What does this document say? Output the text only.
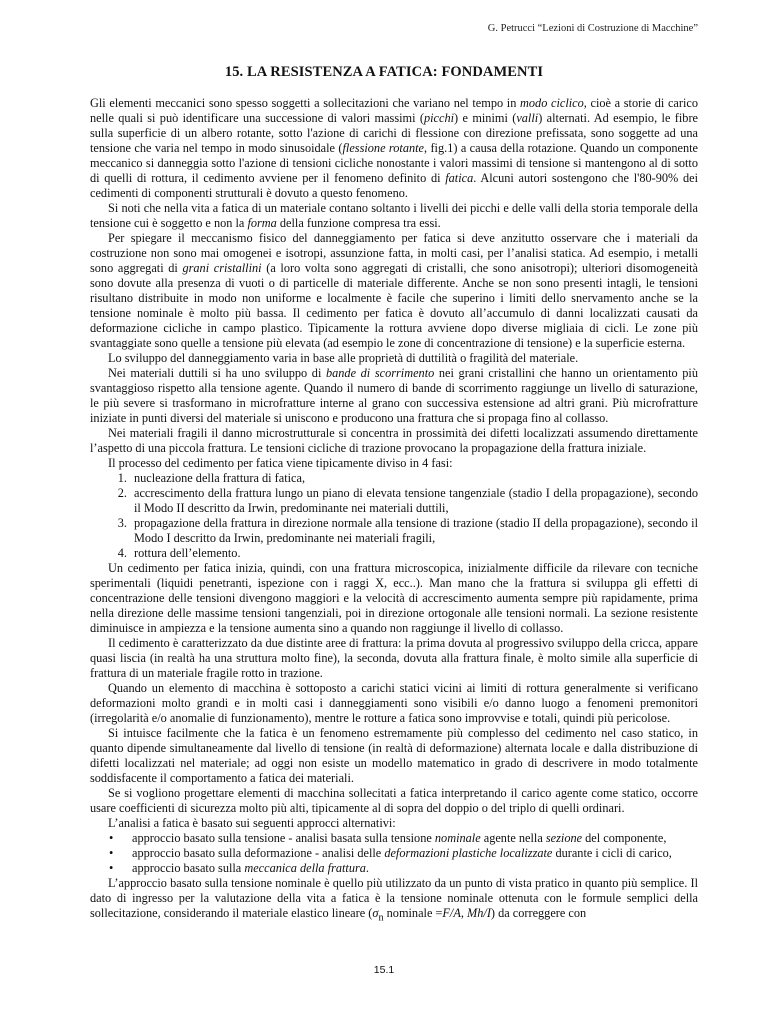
G. Petrucci “Lezioni di Costruzione di Macchine”
15. LA RESISTENZA A FATICA: FONDAMENTI

Gli elementi meccanici sono spesso soggetti a sollecitazioni che variano nel tempo in modo ciclico, cioè a storie di carico nelle quali si può identificare una successione di valori massimi (picchi) e minimi (valli) alternati. Ad esempio, le fibre sulla superficie di un albero rotante, sotto l'azione di carichi di flessione con direzione prefissata, sono soggette ad una tensione che varia nel tempo in modo sinusoidale (flessione rotante, fig.1) a causa della rotazione. Quando un componente meccanico si danneggia sotto l'azione di tensioni cicliche nonostante i valori massimi di tensione si mantengono al di sotto di quelli di rottura, il cedimento avviene per il fenomeno definito di fatica. Alcuni autori sostengono che l'80-90% dei cedimenti di componenti strutturali è dovuto a questo fenomeno.

Si noti che nella vita a fatica di un materiale contano soltanto i livelli dei picchi e delle valli della storia temporale della tensione cui è soggetto e non la forma della funzione compresa tra essi.

Per spiegare il meccanismo fisico del danneggiamento per fatica si deve anzitutto osservare che i materiali da costruzione non sono mai omogenei e isotropi, assunzione fatta, in molti casi, per l’analisi statica. Ad esempio, i metalli sono aggregati di grani cristallini (a loro volta sono aggregati di cristalli, che sono anisotropi); ulteriori disomogeneità sono dovute alla presenza di vuoti o di particelle di materiale differente. Anche se non sono presenti intagli, le tensioni risultano distribuite in modo non uniforme e localmente è facile che superino i limiti dello snervamento anche se la tensione nominale è molto più bassa. Il cedimento per fatica è dovuto all’accumulo di danni localizzati causati da deformazione cicliche in campo plastico. Tipicamente la rottura avviene dopo diverse migliaia di cicli. Le zone più svantaggiate sono quelle a tensione più elevata (ad esempio le zone di concentrazione di tensione) e la superficie esterna.

Lo sviluppo del danneggiamento varia in base alle proprietà di duttilità o fragilità del materiale.

Nei materiali duttili si ha uno sviluppo di bande di scorrimento nei grani cristallini che hanno un orientamento più svantaggioso rispetto alla tensione agente. Quando il numero di bande di scorrimento raggiunge un livello di saturazione, le più severe si trasformano in microfratture interne al grano con successiva estensione ad altri grani. Più microfratture iniziate in punti diversi del materiale si uniscono e producono una frattura che si propaga fino al collasso.

Nei materiali fragili il danno microstrutturale si concentra in prossimità dei difetti localizzati assumendo direttamente l’aspetto di una piccola frattura. Le tensioni cicliche di trazione provocano la propagazione della frattura iniziale.

Il processo del cedimento per fatica viene tipicamente diviso in 4 fasi:

1. nucleazione della frattura di fatica,
2. accrescimento della frattura lungo un piano di elevata tensione tangenziale (stadio I della propagazione), secondo il Modo II descritto da Irwin, predominante nei materiali duttili,
3. propagazione della frattura in direzione normale alla tensione di trazione (stadio II della propagazione), secondo il Modo I descritto da Irwin, predominante nei materiali fragili,
4. rottura dell’elemento.

Un cedimento per fatica inizia, quindi, con una frattura microscopica, inizialmente difficile da rilevare con tecniche sperimentali (liquidi penetranti, ispezione con i raggi X, ecc..). Man mano che la frattura si sviluppa gli effetti di concentrazione delle tensioni divengono maggiori e la velocità di accrescimento aumenta sempre più rapidamente, prima nella direzione delle massime tensioni tangenziali, poi in direzione ortogonale alle tensioni normali. La sezione resistente diminuisce in ampiezza e la tensione aumenta sino a quando non raggiunge il livello di collasso.

Il cedimento è caratterizzato da due distinte aree di frattura: la prima dovuta al progressivo sviluppo della cricca, appare quasi liscia (in realtà ha una struttura molto fine), la seconda, dovuta alla frattura finale, è molto simile alla superficie di frattura di un materiale fragile rotto in trazione.

Quando un elemento di macchina è sottoposto a carichi statici vicini ai limiti di rottura generalmente si verificano deformazioni molto grandi e in molti casi i danneggiamenti sono visibili e/o danno luogo a fenomeni premonitori (irregolarità e/o anomalie di funzionamento), mentre le rotture a fatica sono improvvise e totali, quindi più pericolose.

Si intuisce facilmente che la fatica è un fenomeno estremamente più complesso del cedimento nel caso statico, in quanto dipende simultaneamente dal livello di tensione (in realtà di deformazione) alternata locale e dalla distribuzione di difetti localizzati nel materiale; ad oggi non esiste un modello matematico in grado di descrivere in modo totalmente soddisfacente il comportamento a fatica dei materiali.

Se si vogliono progettare elementi di macchina sollecitati a fatica interpretando il carico agente come statico, occorre usare coefficienti di sicurezza molto più alti, tipicamente al di sopra del doppio o del triplo di quelli ordinari.

L’analisi a fatica è basato sui seguenti approcci alternativi:

• approccio basato sulla tensione - analisi basata sulla tensione nominale agente nella sezione del componente,
• approccio basato sulla deformazione - analisi delle deformazioni plastiche localizzate durante i cicli di carico,
• approccio basato sulla meccanica della frattura.

L’approccio basato sulla tensione nominale è quello più utilizzato da un punto di vista pratico in quanto più semplice. Il dato di ingresso per la valutazione della vita a fatica è la tensione nominale ottenuta con le formule semplici della sollecitazione, considerando il materiale elastico lineare ($\sigma_n$ nominale =F/A, Mh/I) da correggere con

15.1
